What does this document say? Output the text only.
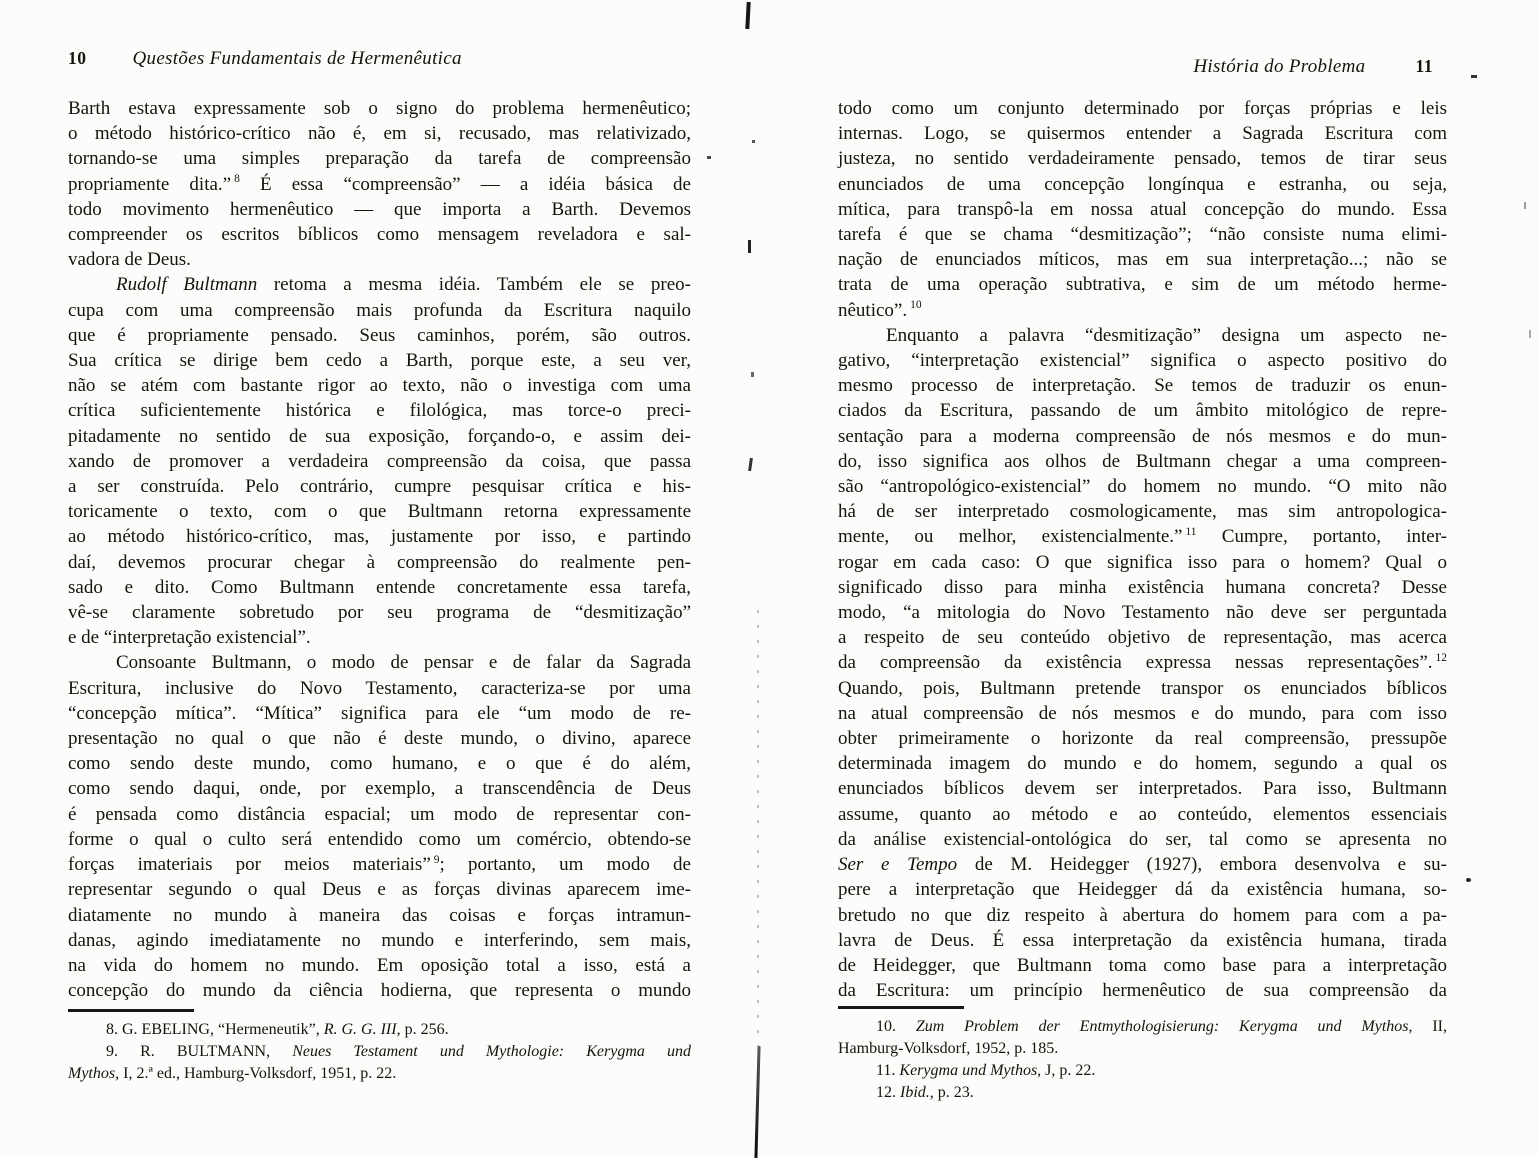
10 Questões Fundamentais de Hermenêutica
Barth estava expressamente sob o signo do problema hermenêutico;
o método histórico-crítico não é, em si, recusado, mas relativizado,
tornando-se uma simples preparação da tarefa de compreensão
propriamente dita.” $^8$ É essa “compreensão” — a idéia básica de
todo movimento hermenêutico — que importa a Barth. Devemos
compreender os escritos bíblicos como mensagem reveladora e sal-
vadora de Deus.
Rudolf Bultmann retoma a mesma idéia. Também ele se preo-
cupa com uma compreensão mais profunda da Escritura naquilo
que é propriamente pensado. Seus caminhos, porém, são outros.
Sua crítica se dirige bem cedo a Barth, porque este, a seu ver,
não se atém com bastante rigor ao texto, não o investiga com uma
crítica suficientemente histórica e filológica, mas torce-o preci-
pitadamente no sentido de sua exposição, forçando-o, e assim dei-
xando de promover a verdadeira compreensão da coisa, que passa
a ser construída. Pelo contrário, cumpre pesquisar crítica e his-
toricamente o texto, com o que Bultmann retorna expressamente
ao método histórico-crítico, mas, justamente por isso, e partindo
daí, devemos procurar chegar à compreensão do realmente pen-
sado e dito. Como Bultmann entende concretamente essa tarefa,
vê-se claramente sobretudo por seu programa de “desmitização”
e de “interpretação existencial”.
Consoante Bultmann, o modo de pensar e de falar da Sagrada
Escritura, inclusive do Novo Testamento, caracteriza-se por uma
“concepção mítica”. “Mítica” significa para ele “um modo de re-
presentação no qual o que não é deste mundo, o divino, aparece
como sendo deste mundo, como humano, e o que é do além,
como sendo daqui, onde, por exemplo, a transcendência de Deus
é pensada como distância espacial; um modo de representar con-
forme o qual o culto será entendido como um comércio, obtendo-se
forças imateriais por meios materiais” $^9$; portanto, um modo de
representar segundo o qual Deus e as forças divinas aparecem ime-
diatamente no mundo à maneira das coisas e forças intramun-
danas, agindo imediatamente no mundo e interferindo, sem mais,
na vida do homem no mundo. Em oposição total a isso, está a
concepção do mundo da ciência hodierna, que representa o mundo
8. G. EBELING, “Hermeneutik”, R. G. G. III, p. 256.
9. R. BULTMANN, Neues Testament und Mythologie: Kerygma und
Mythos, I, 2.ª ed., Hamburg-Volksdorf, 1951, p. 22.
História do Problema	11
todo como um conjunto determinado por forças próprias e leis
internas. Logo, se quisermos entender a Sagrada Escritura com
justeza, no sentido verdadeiramente pensado, temos de tirar seus
enunciados de uma concepção longínqua e estranha, ou seja,
mítica, para transpô-la em nossa atual concepção do mundo. Essa
tarefa é que se chama “desmitização”; “não consiste numa elimi-
nação de enunciados míticos, mas em sua interpretação...; não se
trata de uma operação subtrativa, e sim de um método herme-
nêutico”. $^{10}$
Enquanto a palavra “desmitização” designa um aspecto ne-
gativo, “interpretação existencial” significa o aspecto positivo do
mesmo processo de interpretação. Se temos de traduzir os enun-
ciados da Escritura, passando de um âmbito mitológico de repre-
sentação para a moderna compreensão de nós mesmos e do mun-
do, isso significa aos olhos de Bultmann chegar a uma compreen-
são “antropológico-existencial” do homem no mundo. “O mito não
há de ser interpretado cosmologicamente, mas sim antropologica-
mente, ou melhor, existencialmente.” $^{11}$ Cumpre, portanto, inter-
rogar em cada caso: O que significa isso para o homem? Qual o
significado disso para minha existência humana concreta? Desse
modo, “a mitologia do Novo Testamento não deve ser perguntada
a respeito de seu conteúdo objetivo de representação, mas acerca
da compreensão da existência expressa nessas representações”. $^{12}$
Quando, pois, Bultmann pretende transpor os enunciados bíblicos
na atual compreensão de nós mesmos e do mundo, para com isso
obter primeiramente o horizonte da real compreensão, pressupõe
determinada imagem do mundo e do homem, segundo a qual os
enunciados bíblicos devem ser interpretados. Para isso, Bultmann
assume, quanto ao método e ao conteúdo, elementos essenciais
da análise existencial-ontológica do ser, tal como se apresenta no
Ser e Tempo de M. Heidegger (1927), embora desenvolva e su-
pere a interpretação que Heidegger dá da existência humana, so-
bretudo no que diz respeito à abertura do homem para com a pa-
lavra de Deus. É essa interpretação da existência humana, tirada
de Heidegger, que Bultmann toma como base para a interpretação
da Escritura: um princípio hermenêutico de sua compreensão da
10. Zum Problem der Entmythologisierung: Kerygma und Mythos, II,
Hamburg-Volksdorf, 1952, p. 185.
11. Kerygma und Mythos, J, p. 22.
12. Ibid., p. 23.
